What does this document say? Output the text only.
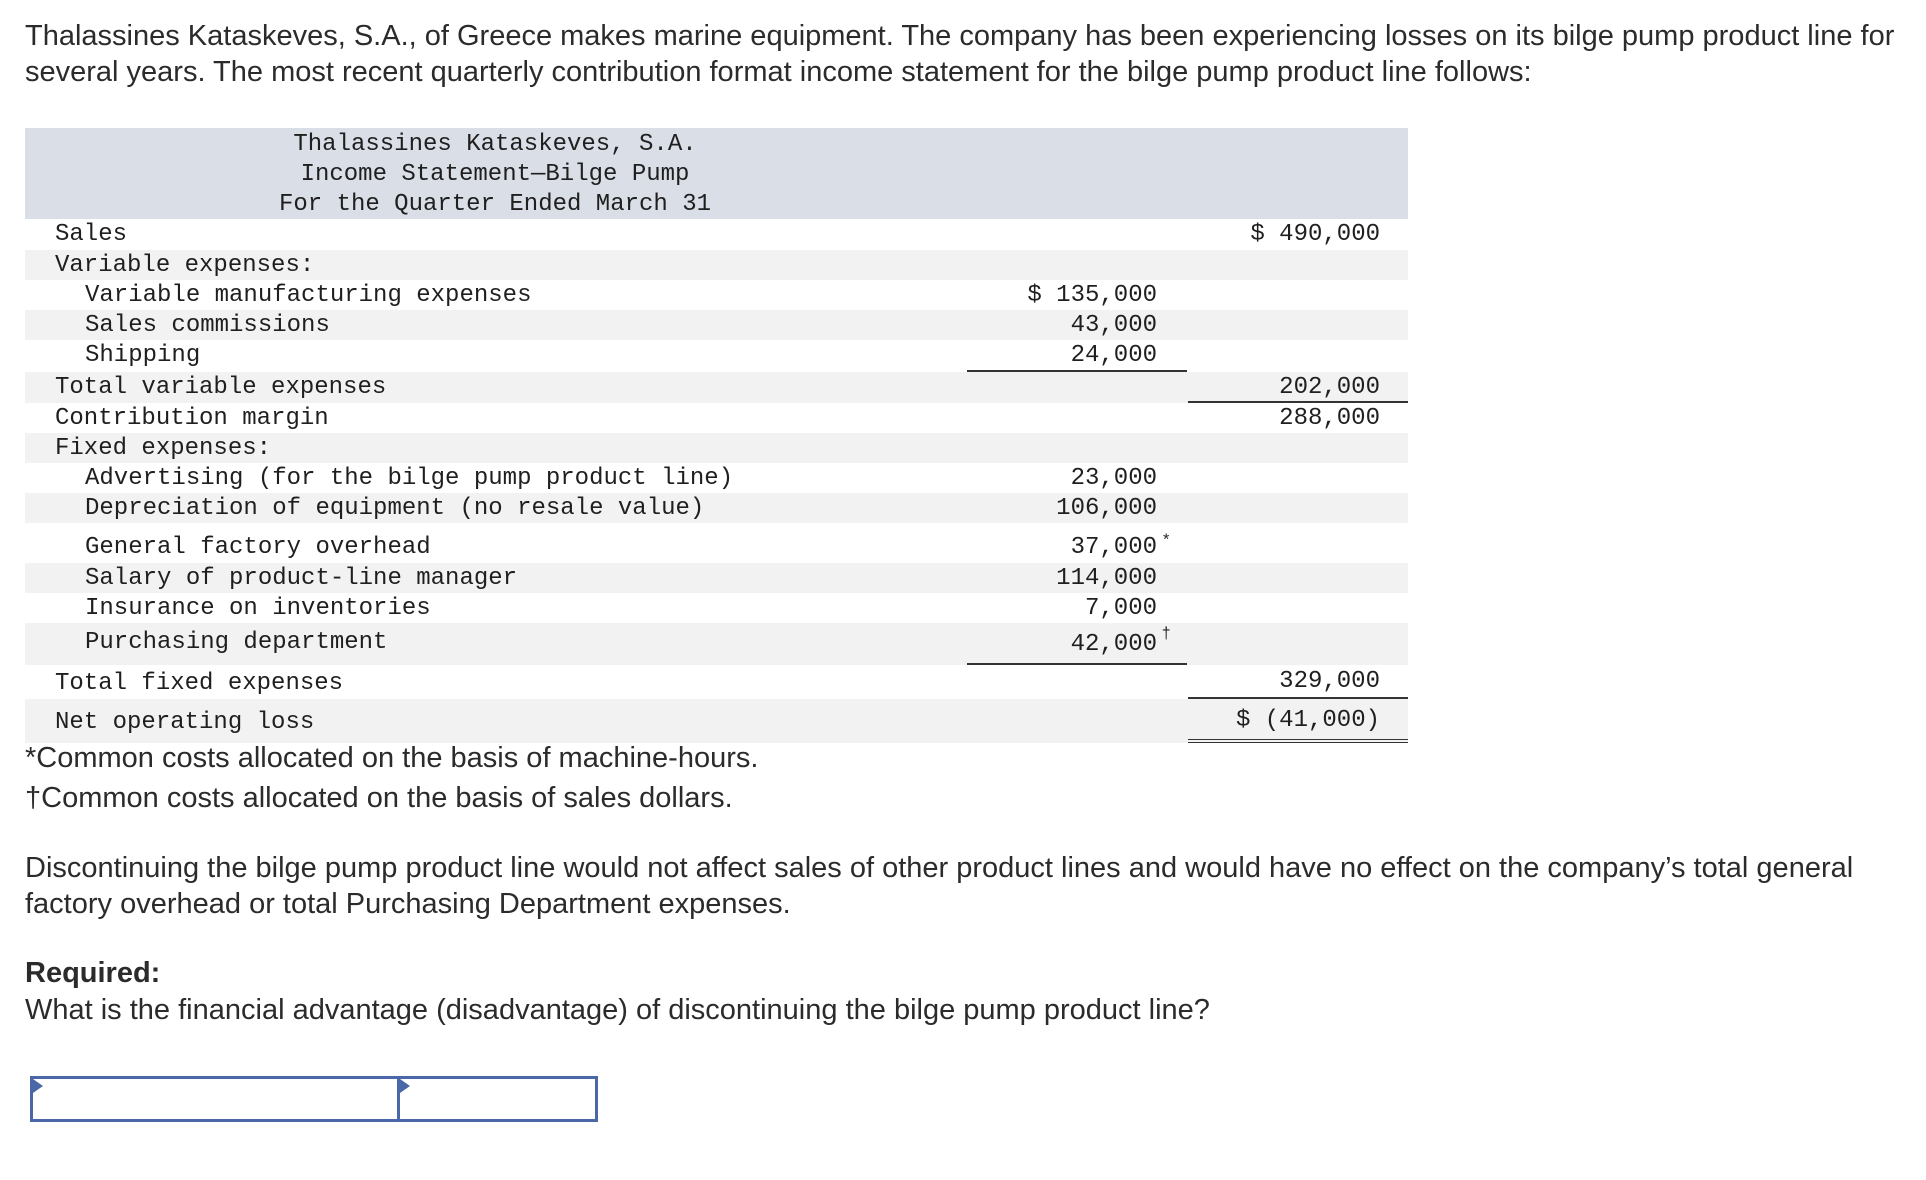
Thalassines Kataskeves, S.A., of Greece makes marine equipment. The company has been experiencing losses on its bilge pump product line for several years. The most recent quarterly contribution format income statement for the bilge pump product line follows:

Thalassines Kataskeves, S.A.
Income Statement—Bilge Pump
For the Quarter Ended March 31
Sales	$ 490,000
Variable expenses:
Variable manufacturing expenses	$ 135,000
Sales commissions	43,000
Shipping	24,000
Total variable expenses	202,000
Contribution margin	288,000
Fixed expenses:
Advertising (for the bilge pump product line)	23,000
Depreciation of equipment (no resale value)	106,000
General factory overhead	37,000 *
Salary of product-line manager	114,000
Insurance on inventories	7,000
Purchasing department	42,000 †
Total fixed expenses	329,000
Net operating loss	$ (41,000)
*Common costs allocated on the basis of machine-hours.
†Common costs allocated on the basis of sales dollars.

Discontinuing the bilge pump product line would not affect sales of other product lines and would have no effect on the company’s total general factory overhead or total Purchasing Department expenses.

Required:
What is the financial advantage (disadvantage) of discontinuing the bilge pump product line?
